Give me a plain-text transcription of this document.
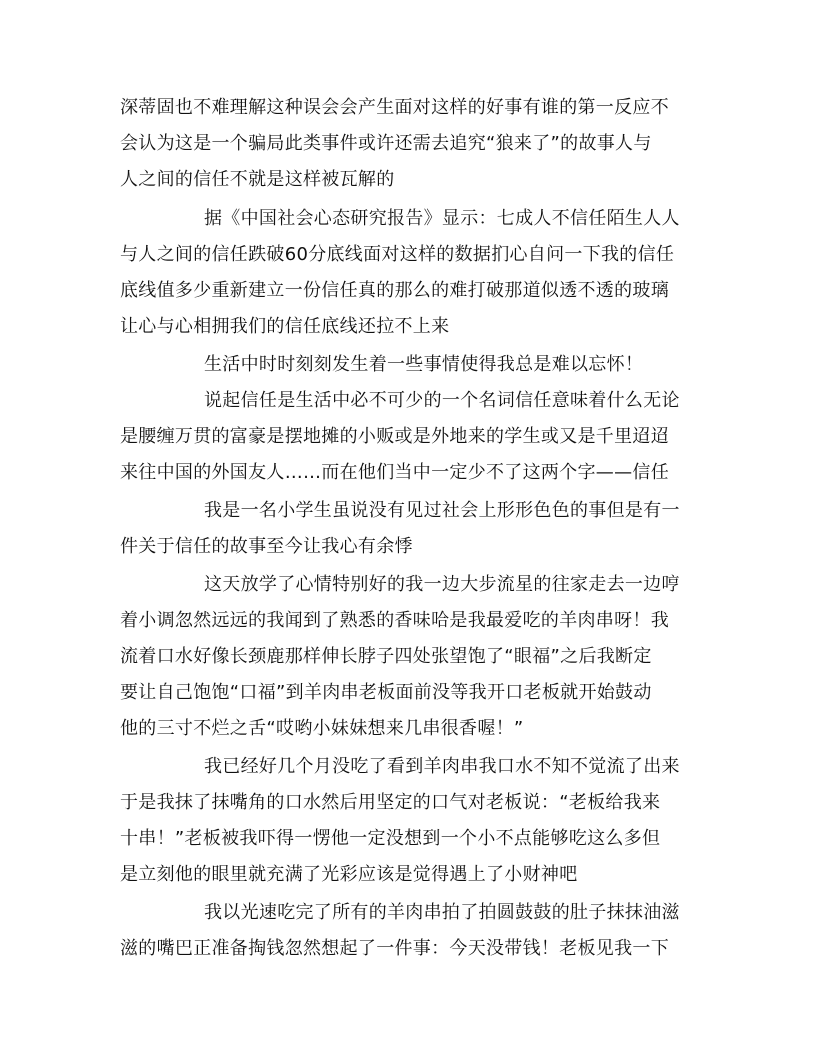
深蒂固也不难理解这种误会会产生面对这样的好事有谁的第一反应不
会认为这是一个骗局此类事件或许还需去追究“狼来了”的故事人与
人之间的信任不就是这样被瓦解的
据《中国社会心态研究报告》显示：七成人不信任陌生人人
与人之间的信任跌破60分底线面对这样的数据扪心自问一下我的信任
底线值多少重新建立一份信任真的那么的难打破那道似透不透的玻璃
让心与心相拥我们的信任底线还拉不上来
生活中时时刻刻发生着一些事情使得我总是难以忘怀！
说起信任是生活中必不可少的一个名词信任意味着什么无论
是腰缠万贯的富豪是摆地摊的小贩或是外地来的学生或又是千里迢迢
来往中国的外国友人……而在他们当中一定少不了这两个字——信任
我是一名小学生虽说没有见过社会上形形色色的事但是有一
件关于信任的故事至今让我心有余悸
这天放学了心情特别好的我一边大步流星的往家走去一边哼
着小调忽然远远的我闻到了熟悉的香味哈是我最爱吃的羊肉串呀！我
流着口水好像长颈鹿那样伸长脖子四处张望饱了“眼福”之后我断定
要让自己饱饱“口福”到羊肉串老板面前没等我开口老板就开始鼓动
他的三寸不烂之舌“哎哟小妹妹想来几串很香喔！”
我已经好几个月没吃了看到羊肉串我口水不知不觉流了出来
于是我抹了抹嘴角的口水然后用坚定的口气对老板说：“老板给我来
十串！”老板被我吓得一愣他一定没想到一个小不点能够吃这么多但
是立刻他的眼里就充满了光彩应该是觉得遇上了小财神吧
我以光速吃完了所有的羊肉串拍了拍圆鼓鼓的肚子抹抹油滋
滋的嘴巴正准备掏钱忽然想起了一件事：今天没带钱！老板见我一下
